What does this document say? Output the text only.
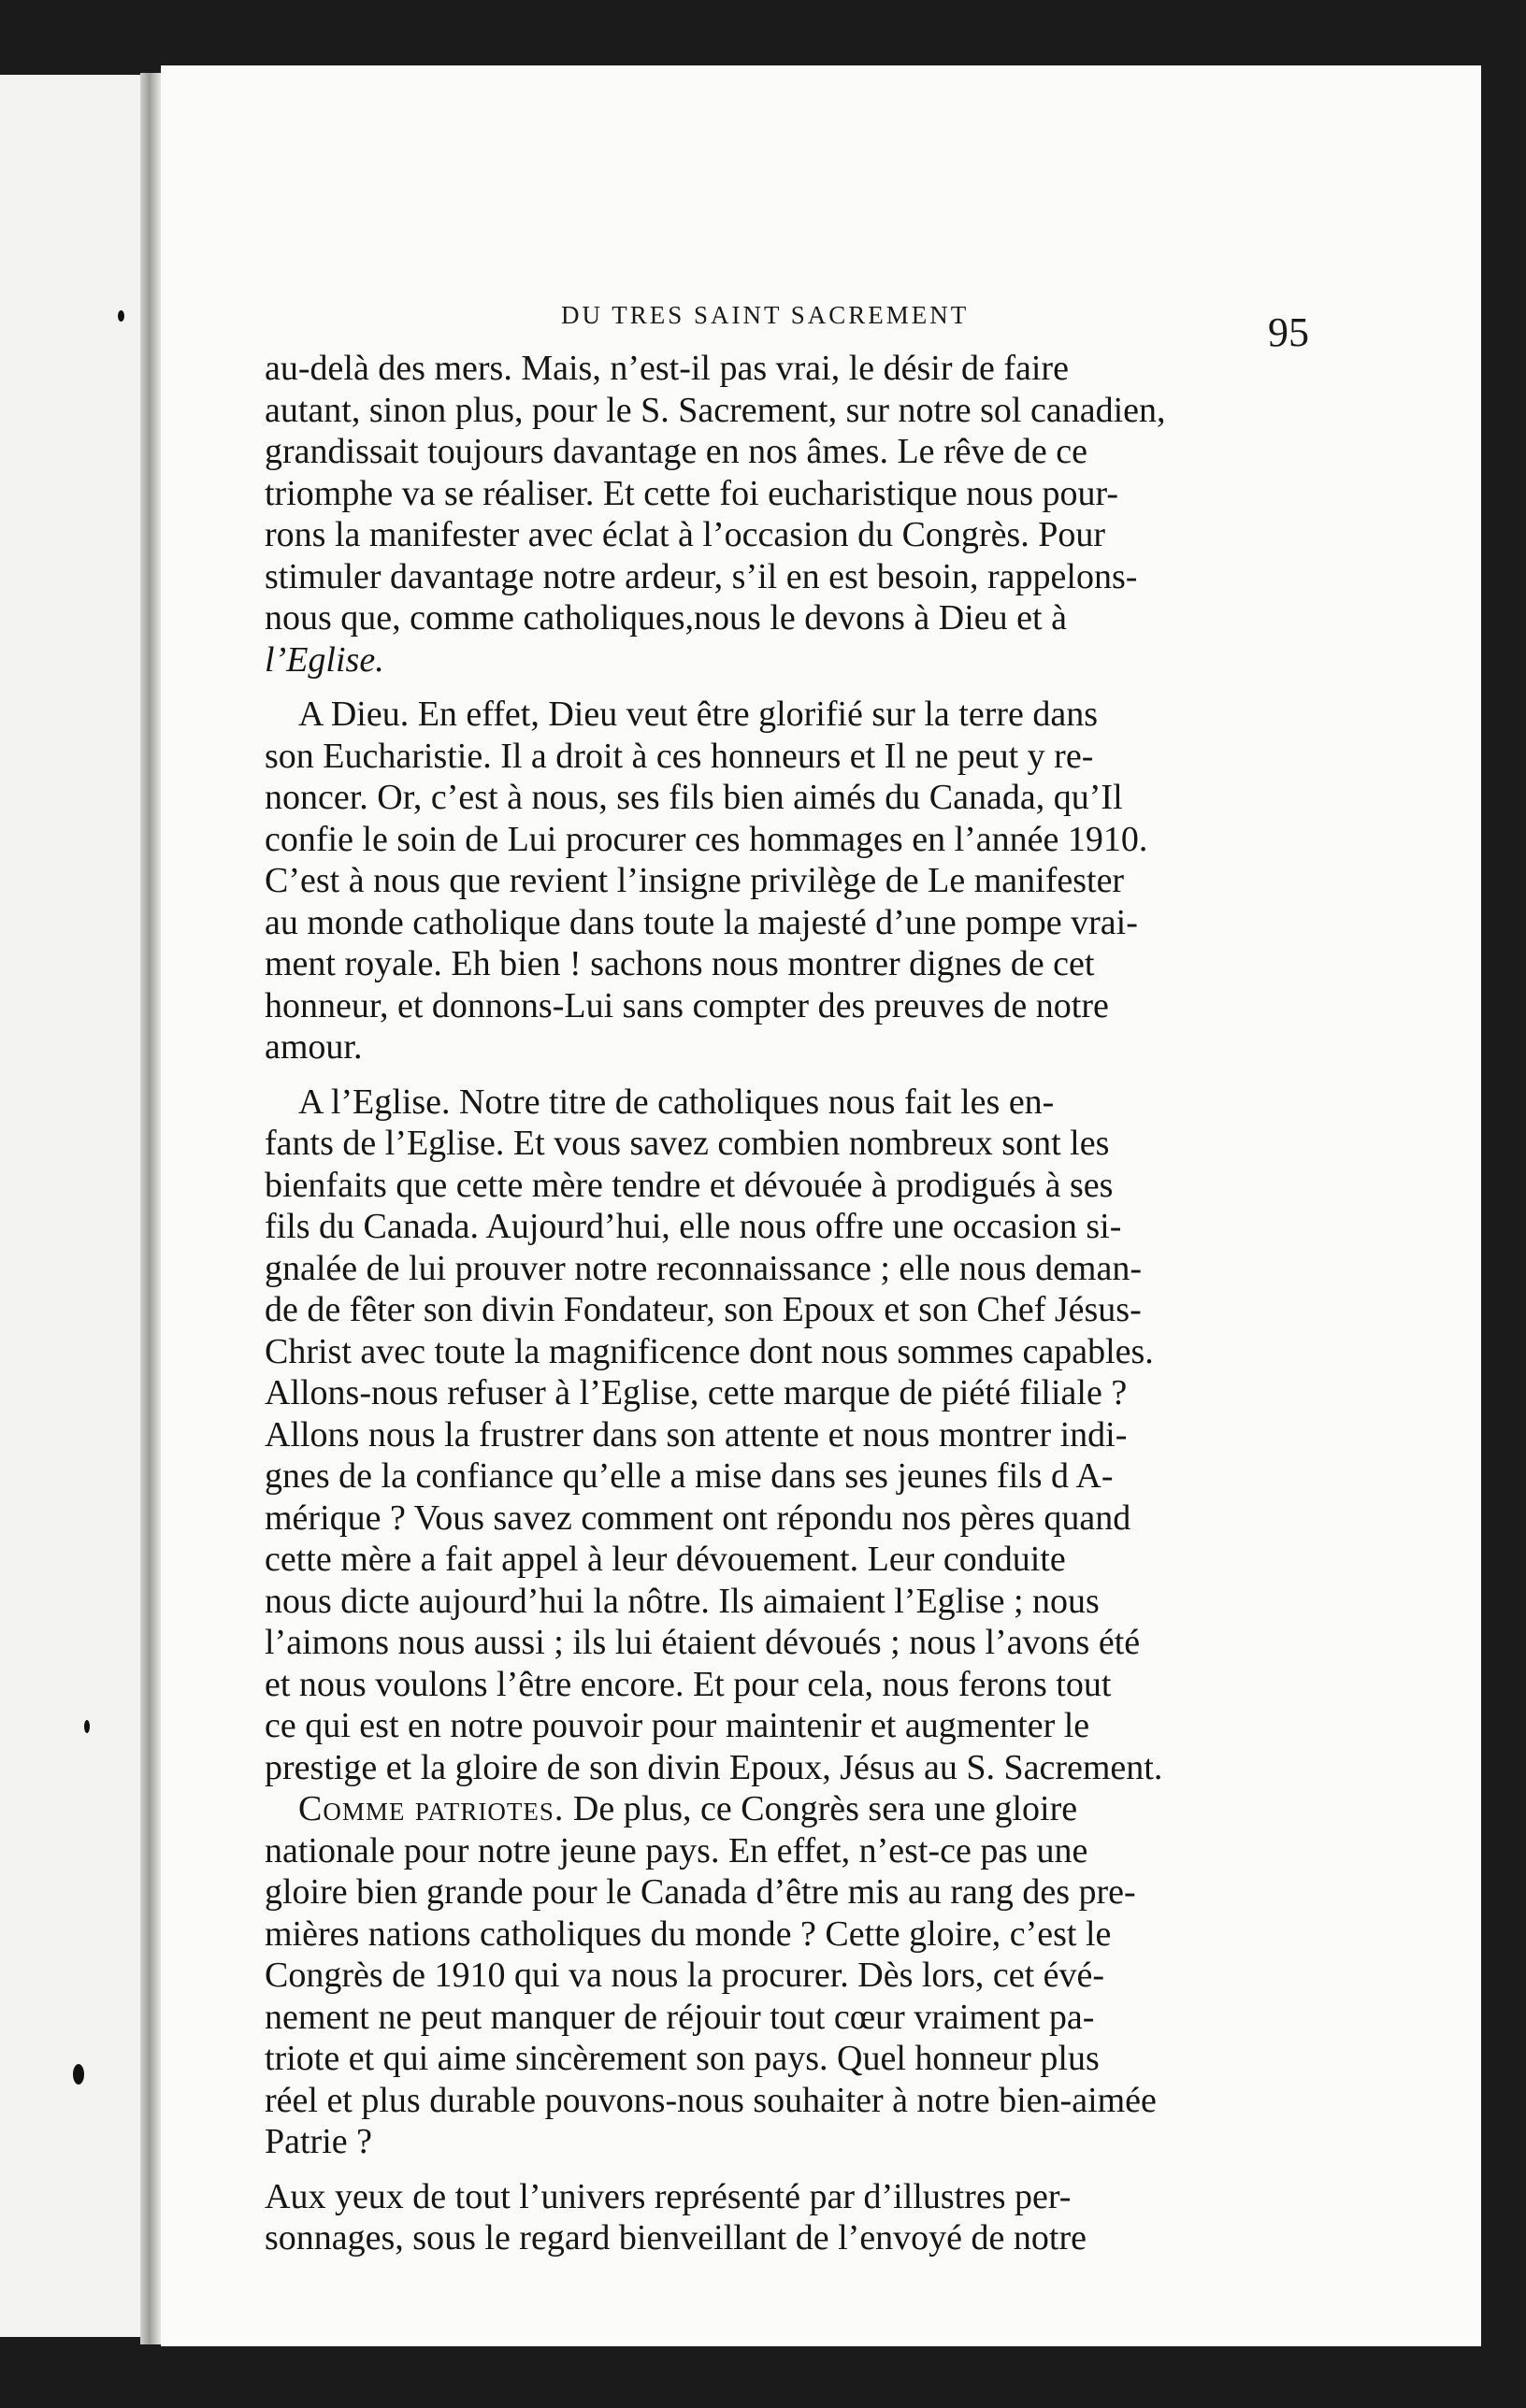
DU TRES SAINT SACREMENT	95

au-delà des mers. Mais, n’est-il pas vrai, le désir de faire
autant, sinon plus, pour le S. Sacrement, sur notre sol canadien,
grandissait toujours davantage en nos âmes. Le rêve de ce
triomphe va se réaliser. Et cette foi eucharistique nous pour-
rons la manifester avec éclat à l’occasion du Congrès. Pour
stimuler davantage notre ardeur, s’il en est besoin, rappelons-
nous que, comme catholiques,nous le devons à Dieu et à
l’Eglise.

A Dieu. En effet, Dieu veut être glorifié sur la terre dans
son Eucharistie. Il a droit à ces honneurs et Il ne peut y re-
noncer. Or, c’est à nous, ses fils bien aimés du Canada, qu’Il
confie le soin de Lui procurer ces hommages en l’année 1910.
C’est à nous que revient l’insigne privilège de Le manifester
au monde catholique dans toute la majesté d’une pompe vrai-
ment royale. Eh bien ! sachons nous montrer dignes de cet
honneur, et donnons-Lui sans compter des preuves de notre
amour.

A l’Eglise. Notre titre de catholiques nous fait les en-
fants de l’Eglise. Et vous savez combien nombreux sont les
bienfaits que cette mère tendre et dévouée à prodigués à ses
fils du Canada. Aujourd’hui, elle nous offre une occasion si-
gnalée de lui prouver notre reconnaissance ; elle nous deman-
de de fêter son divin Fondateur, son Epoux et son Chef Jésus-
Christ avec toute la magnificence dont nous sommes capables.
Allons-nous refuser à l’Eglise, cette marque de piété filiale ?
Allons nous la frustrer dans son attente et nous montrer indi-
gnes de la confiance qu’elle a mise dans ses jeunes fils d A-
mérique ? Vous savez comment ont répondu nos pères quand
cette mère a fait appel à leur dévouement. Leur conduite
nous dicte aujourd’hui la nôtre. Ils aimaient l’Eglise ; nous
l’aimons nous aussi ; ils lui étaient dévoués ; nous l’avons été
et nous voulons l’être encore. Et pour cela, nous ferons tout
ce qui est en notre pouvoir pour maintenir et augmenter le
prestige et la gloire de son divin Epoux, Jésus au S. Sacrement.

Comme patriotes. De plus, ce Congrès sera une gloire
nationale pour notre jeune pays. En effet, n’est-ce pas une
gloire bien grande pour le Canada d’être mis au rang des pre-
mières nations catholiques du monde ? Cette gloire, c’est le
Congrès de 1910 qui va nous la procurer. Dès lors, cet évé-
nement ne peut manquer de réjouir tout cœur vraiment pa-
triote et qui aime sincèrement son pays. Quel honneur plus
réel et plus durable pouvons-nous souhaiter à notre bien-aimée
Patrie ?

Aux yeux de tout l’univers représenté par d’illustres per-
sonnages, sous le regard bienveillant de l’envoyé de notre
